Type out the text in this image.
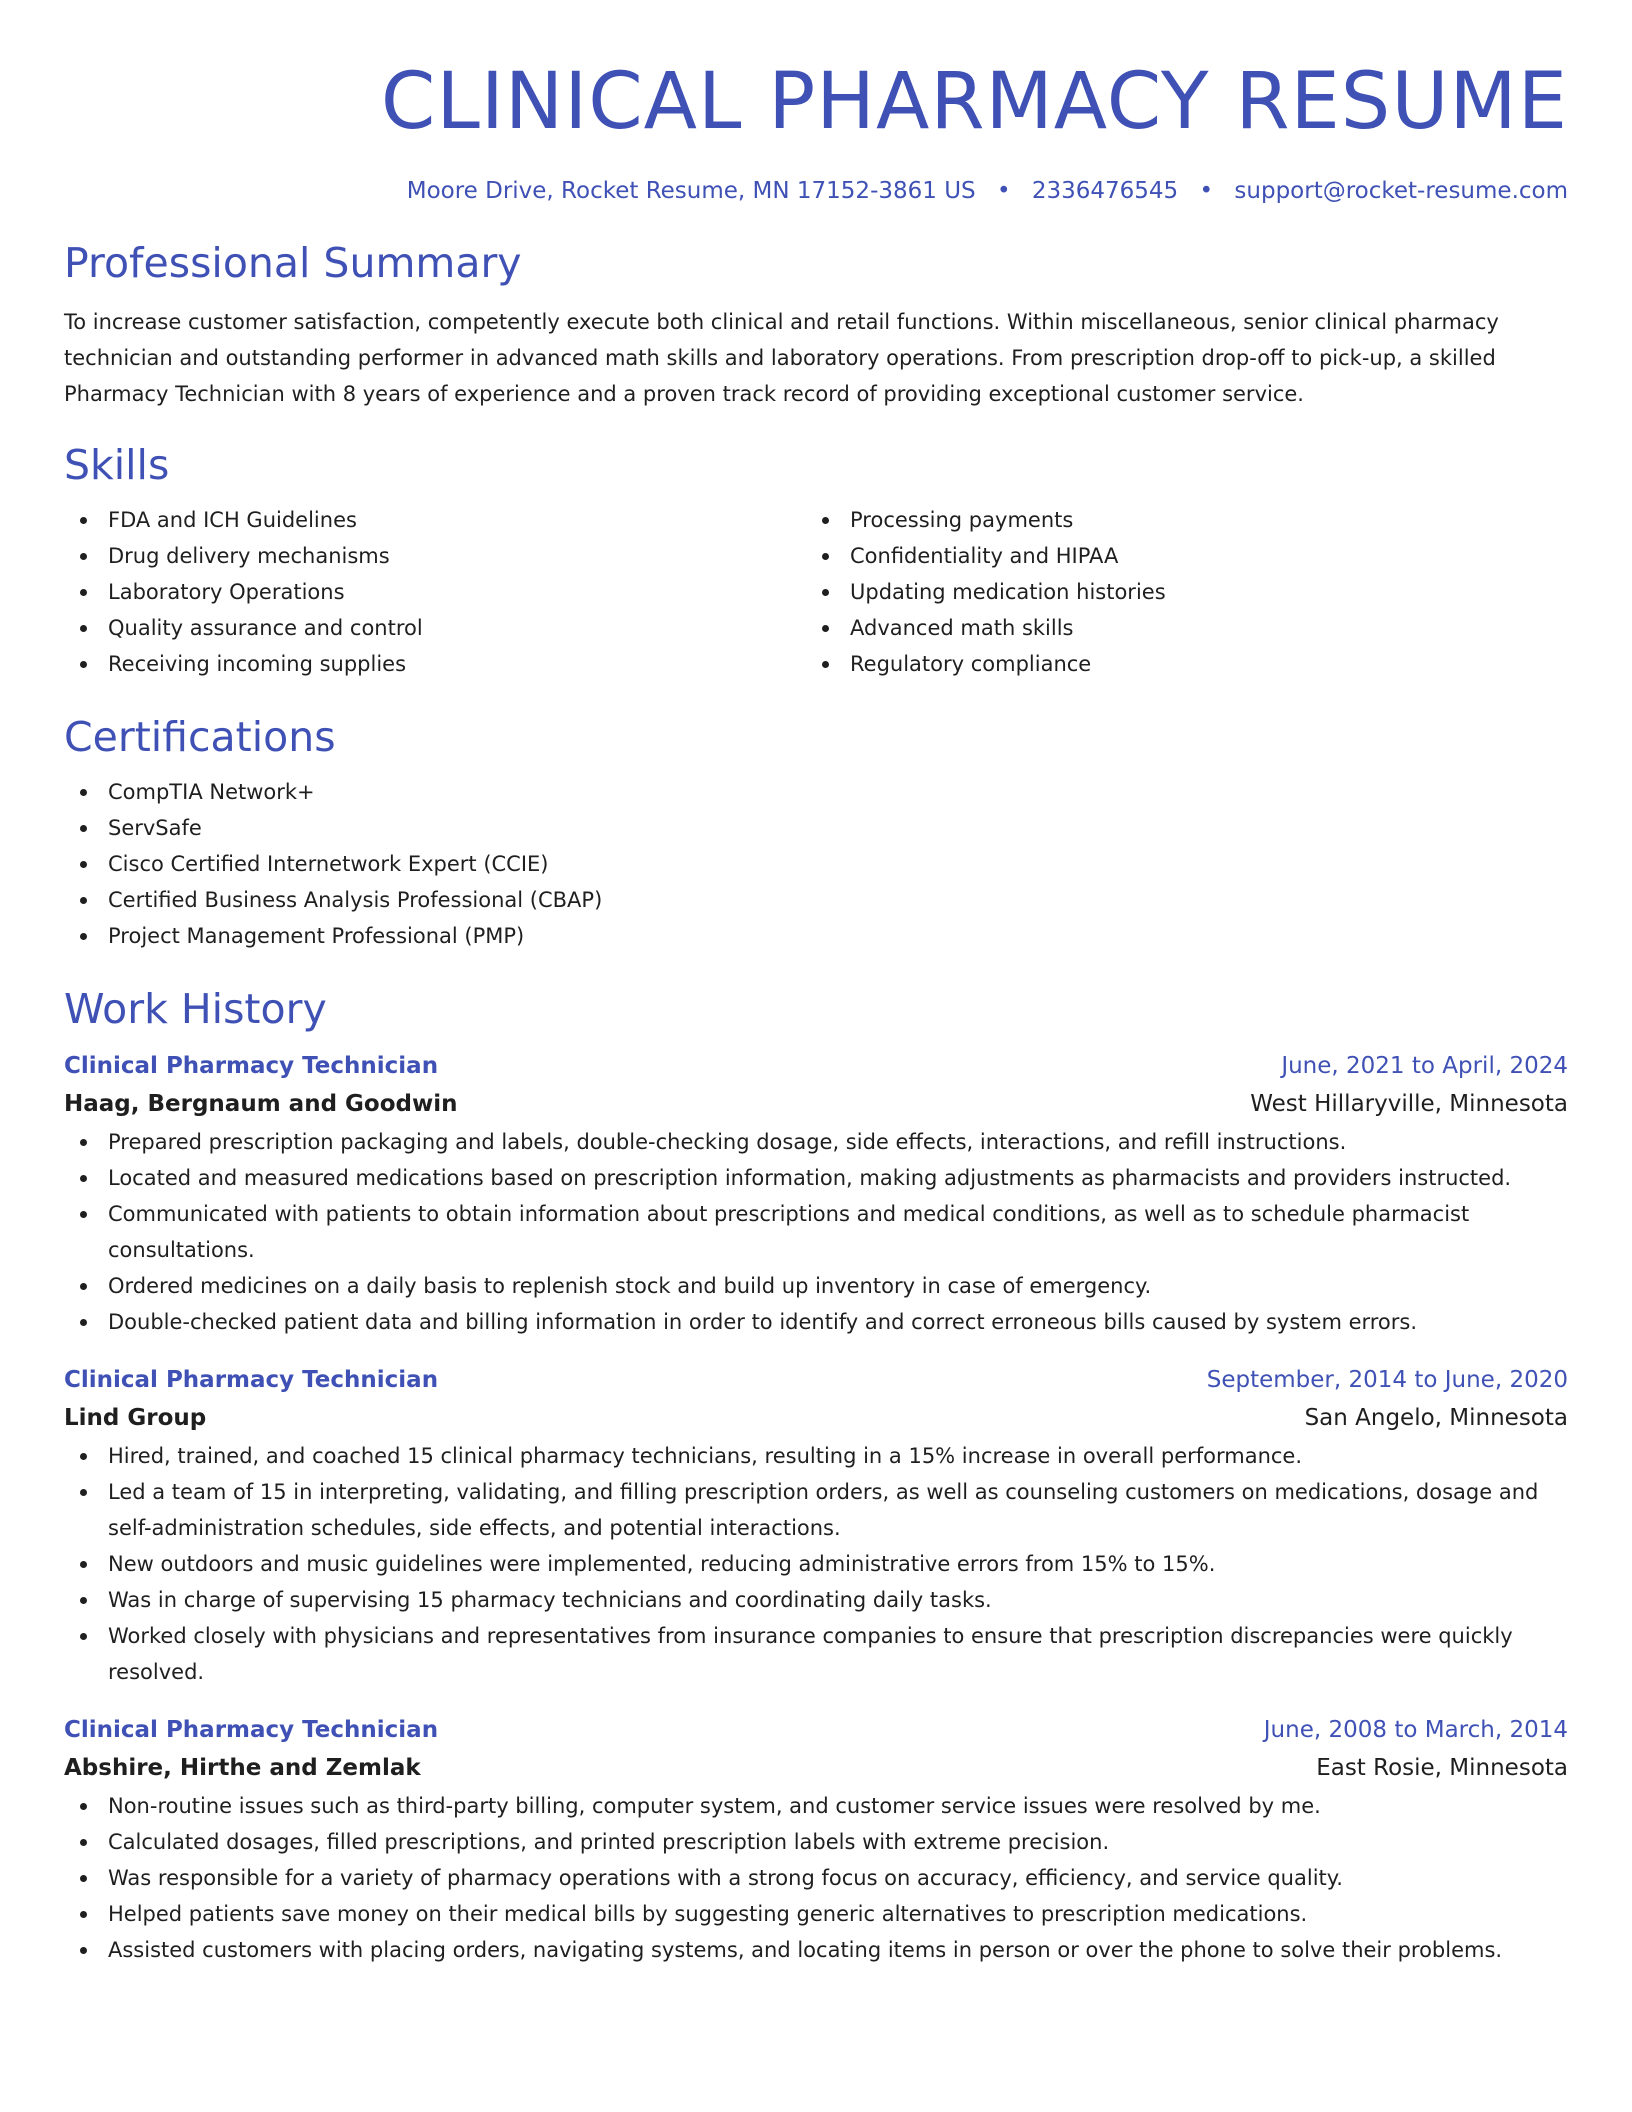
CLINICAL PHARMACY RESUME
Moore Drive, Rocket Resume, MN 17152-3861 US • 2336476545 • support@rocket-resume.com
Professional Summary

To increase customer satisfaction, competently execute both clinical and retail functions. Within miscellaneous, senior clinical pharmacy technician and outstanding performer in advanced math skills and laboratory operations. From prescription drop-off to pick-up, a skilled Pharmacy Technician with 8 years of experience and a proven track record of providing exceptional customer service.

Skills
FDA and ICH Guidelines
Drug delivery mechanisms
Laboratory Operations
Quality assurance and control
Receiving incoming supplies
Processing payments
Confidentiality and HIPAA
Updating medication histories
Advanced math skills
Regulatory compliance
Certifications
CompTIA Network+
ServSafe
Cisco Certified Internetwork Expert (CCIE)
Certified Business Analysis Professional (CBAP)
Project Management Professional (PMP)
Work History
Clinical Pharmacy Technician	June, 2021 to April, 2024
Haag, Bergnaum and Goodwin	West Hillaryville, Minnesota
Prepared prescription packaging and labels, double-checking dosage, side effects, interactions, and refill instructions.
Located and measured medications based on prescription information, making adjustments as pharmacists and providers instructed.
Communicated with patients to obtain information about prescriptions and medical conditions, as well as to schedule pharmacist consultations.
Ordered medicines on a daily basis to replenish stock and build up inventory in case of emergency.
Double-checked patient data and billing information in order to identify and correct erroneous bills caused by system errors.
Clinical Pharmacy Technician	September, 2014 to June, 2020
Lind Group	San Angelo, Minnesota
Hired, trained, and coached 15 clinical pharmacy technicians, resulting in a 15% increase in overall performance.
Led a team of 15 in interpreting, validating, and filling prescription orders, as well as counseling customers on medications, dosage and self-administration schedules, side effects, and potential interactions.
New outdoors and music guidelines were implemented, reducing administrative errors from 15% to 15%.
Was in charge of supervising 15 pharmacy technicians and coordinating daily tasks.
Worked closely with physicians and representatives from insurance companies to ensure that prescription discrepancies were quickly resolved.
Clinical Pharmacy Technician	June, 2008 to March, 2014
Abshire, Hirthe and Zemlak	East Rosie, Minnesota
Non-routine issues such as third-party billing, computer system, and customer service issues were resolved by me.
Calculated dosages, filled prescriptions, and printed prescription labels with extreme precision.
Was responsible for a variety of pharmacy operations with a strong focus on accuracy, efficiency, and service quality.
Helped patients save money on their medical bills by suggesting generic alternatives to prescription medications.
Assisted customers with placing orders, navigating systems, and locating items in person or over the phone to solve their problems.
